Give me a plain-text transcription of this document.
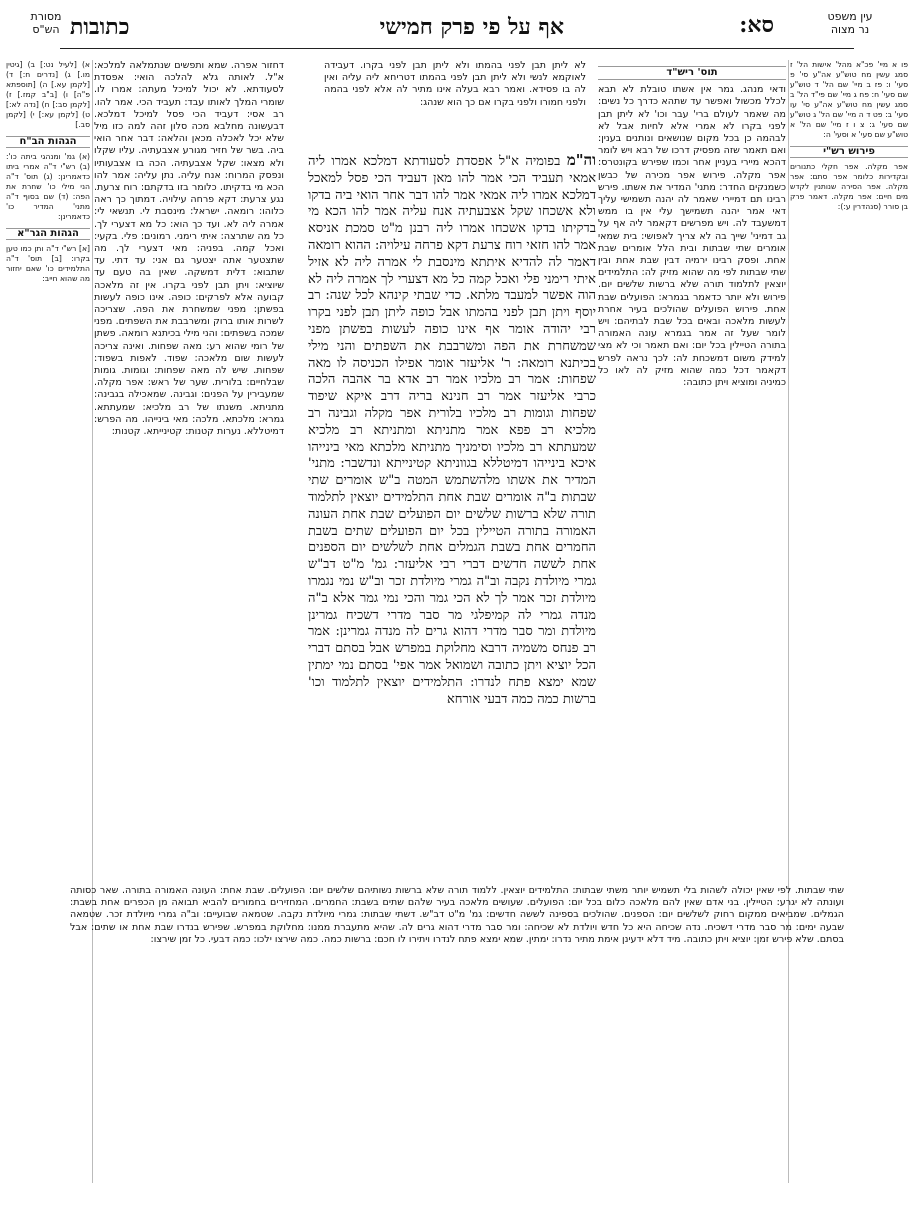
עין משפט
נר מצוה
מסורת
הש"ס	סא:
אף על פי פרק חמישי
כתובות

פו א מיי' פכ"א מהל' אישות הל' ז סמג עשין מח טוש"ע אה"ע סי' פ סעי' ו: פז ב מיי' שם הל' ד טוש"ע שם סעי' ח: פח ג מיי' שם פי"ד הל' ב סמג עשין מח טוש"ע אה"ע סי' עו סעי' ב: פט ד ה מיי' שם הל' ג טוש"ע שם סעי' ג: צ ו ז מיי' שם הל' א טוש"ע שם סעי' א וסעי' ה:

פירוש רש"י

אפר מקלה. אפר חקלי כתנורים ובקדירות כלומר אפר סתם: אפר מקלה. אפר הסירה שנותנין לקדש מים חיים: אפר מקלה. דאמר פרק בן סורר (סנהדרין ע:):

תוס' ריש"ד

ודאי מנהג. גמר אין אשתו טובלת לא תבא לכלל מכשול ואפשר עד שתהא כדרך כל נשים: מה שאמר לעולם ברי' עבר וכו' לא ליתן תבן לפני בקרו לא אמרי אלא לחיות אבל לא לבהמה כן בכל מקום שנושאים ונותנים בענין: ואם תאמר שזה מפסיק דרכו של רבא ויש לומר דהכא מיירי בעניין אחר וכמו שפירש בקונטרס: אפר מקלה. פירוש אפר מכירה של כבשן כשמנקים החדר: מתני' המדיר את אשתו. פירש רבינו תם דמיירי שאמר לה יהנה תשמישי עליך דאי אמר יהנה תשמישך עלי אין בו ממש דמשעבד לה. ויש מפרשים דקאמר ליה אף על גב דמיני' שייך בה לא צריך לאפושי: בית שמאי אומרים שתי שבתות ובית הלל אומרים שבת אחת. ופסק רבינו ירמיה דבין שבת אחת ובין שתי שבתות לפי מה שהוא מזיק לה: התלמידים יוצאין לתלמוד תורה שלא ברשות שלשים יום. פירוש ולא יותר כדאמר בגמרא: הפועלים שבת אחת. פירוש הפועלים שהולכים בעיר אחרת לעשות מלאכה ובאים בכל שבת לבתיהם: ויש לומר שעל זה אמר בגמרא עונה האמורה בתורה הטיילין בכל יום: ואם תאמר וכי לא מצי למידק משום דמשכחת לה: לכך נראה לפרש דקאמר דכל כמה שהוא מזיק לה לאו כל כמיניה ומוציא ויתן כתובה:

לא ליתן תבן לפני בהמתו ולא ליתן תבן לפני בקרו. דעבידה לאוקמא לנשי ולא ליתן תבן לפני בהמתו דטריחא ליה עליה ואין לה בו פסידא. ואמר רבא בעלה אינו מתיר לה אלא לפני בהמה ולפני חמורו ולפני בקרו אם כך הוא שנהג:

וה"מ בפומיה א"ל אפסדת לסעודתא דמלכא אמרו ליה אמאי תעביד הכי אמר להו מאן דעביד הכי פסל למאכל דמלכא אמרו ליה אמאי אמר להו דבר אחר הואי ביה בדקו ולא אשכחו שקל אצבעתיה אנח עליה אמר להו הכא מי בדקיתו בדקו אשכחו אמרו ליה רבנן מ"ט סמכת אניסא אמר להו חזאי רוח צרעת דקא פרחה עילויה: ההוא רומאה דאמר לה להדיא איתתא מינסבת לי אמרה ליה לא אזיל איתי רימני פלי ואכל קמה כל מא דצערי לך אמרה ליה לא הוה אפשר למעבד מלתא. כדי שבתי קינהא לכל שנה: רב יוסף ויתן תבן לפני בהמתו אבל כופה ליתן תבן לפני בקרו רבי יהודה אומר אף אינו כופה לעשות בפשתן מפני שמשחרת את הפה ומשרבבת את השפתים והני מילי בכיתנא רומאה: ר' אליעזר אומר אפילו הכניסה לו מאה שפחות: אמר רב מלכיו אמר רב אדא בר אהבה הלכה כרבי אליעזר אמר רב חנינא בריה דרב איקא שיפוד שפחות וגומות רב מלכיו בלורית אפר מקלה וגבינה רב מלכיא רב פפא אמר מתניתא ומתניתא רב מלכיא שמעתתא רב מלכיו וסימניך מתניתא מלכתא מאי בינייהו איכא בינייהו דמיטללא בגווניתא קטינייתא ונדשבר: מתני' המדיר את אשתו מלהשתמש המטה ב"ש אומרים שתי שבתות ב"ה אומרים שבת אחת התלמידים יוצאין לתלמוד תורה שלא ברשות שלשים יום הפועלים שבת אחת העונה האמורה בתורה הטיילין בכל יום הפועלים שתים בשבת החמרים אחת בשבת הגמלים אחת לשלשים יום הספנים אחת לששה חדשים דברי רבי אליעזר: גמ' מ"ט דב"ש גמרי מיולדת נקבה וב"ה גמרי מיולדת זכר וב"ש נמי נגמרו מיולדת זכר אמר לך לא הכי גמר והכי נמי גמר אלא ב"ה מנדה גמרי לה קמיפלגי מר סבר מדרי דשכיח גמרינן מיולדת ומר סבר מדרי דהוא גרים לה מנדה גמרינן: אמר רב פנחס משמיה דרבא מחלוקת במפרש אבל בסתם דברי הכל יוציא ויתן כתובה ושמואל אמר אפי' בסתם נמי ימתין שמא ימצא פתח לנדרו: התלמידים יוצאין לתלמוד וכו' ברשות כמה כמה דבעי אורחא

דחזור אפרה. שמא ותפשים שנתמלאה למלכא: א"ל. לאותה גלא להלכה הואי: אפסדת לסעודתא. לא יכול למיכל מעתה: אמרו לו. שומרי המלך לאותו עבד: תעביד הכי. אמר להו. רב אסי: דעביד הכי פסל למיכל דמלכא. דבעשונה מחלבא מכה סלון זהה למה כזו מיל שלא יכל לאכלה מכאן והלאה: דבר אחר הואי ביה. בשר של חזיר מגורע אצבעתיה. עליו שקלו ולא מצאו: שקל אצבעתיה. הכה בו אצבעותיו ונפסק המרוח: אנח עליה. נתן עליה: אמר להו הכא מי בדקיתו. כלומר בזו בדקתם: רוח צרעת. נגע צרעת: דקא פרחה עילויה. דמתוך כך ראה כלוהו: רומאה. ישראל: מינסבת לי. תנשאי לי: אמרה ליה לא. ועד כך הוא: כל מא דצערי לך. כל מה שתרצה: איתי רימני. רמונים: פלי. בקעי: ואכל קמה. בפניה: מאי דצערי לך. מה שתצטער אתה יצטער גם אני: עד דתי. עד שתבוא: דלית דמשקה. שאין בה טעם עד שיוציא: ויתן תבן לפני בקרו. אין זה מלאכה קבועה אלא לפרקים: כופה. אינו כופה לעשות בפשתן: מפני שמשחרת את הפה. שצריכה לשרות אותו ברוק ומשרבבת את השפתים. מפני שמכה בשפתים: והני מילי בכיתנא רומאה. פשתן של רומי שהוא רע: מאה שפחות. ואינה צריכה לעשות שום מלאכה: שפוד. לאפות בשפוד: שפחות. שיש לה מאה שפחות: וגומות. גומות שבלחיים: בלורית. שער של ראש: אפר מקלה. שמעבירין על הפנים: וגבינה. שמאכילה בגבינה: מתניתא. משנתו של רב מלכיא: שמעתתא. גמרא: מלכתא. מלכה: מאי בינייהו. מה הפרש: דמיטללא. נערות קטנות: קטינייתא. קטנות:

א) [לעיל נט:] ב) [גיטין מו.] ג) [נדרים ח:] ד) [לקמן עא.] ה) [תוספתא פ"ה] ו) [ב"ב קמז.] ז) [לקמן סב:] ח) [נדה לא:] ט) [לקמן עא:] י) [לקמן סב.]

הגהות הב"ח

(א) גמ' ומנהגי ביתה כו': (ב) רש"י ד"ה אמרי ביתו כדאמרינן: (ג) תוס' ד"ה הני מילי כו' שחרת את הפה: (ד) שם בסוף ד"ה מתני' המדיר כו' כדאמרינן:

הגהות הגר"א

[א] רש"י ד"ה ותן כמו טען בקרו: [ב] תוס' ד"ה התלמידים כו' שאם יחזור מה שהוא חייב:

שתי שבתות. לפי שאין יכולה לשהות בלי תשמיש יותר משתי שבתות: התלמידים יוצאין. ללמוד תורה שלא ברשות נשותיהם שלשים יום: הפועלים. שבת אחת: העונה האמורה בתורה. שאר כסותה ועונתה לא יגרע: הטיילין. בני אדם שאין להם מלאכה כלום בכל יום: הפועלים. שעושים מלאכה בעיר שלהם שתים בשבת: החמרים. המחזירים בחמורים להביא תבואה מן הכפרים אחת בשבת: הגמלים. שמביאים ממקום רחוק לשלשים יום: הספנים. שהולכים בספינה לששה חדשים: גמ' מ"ט דב"ש. דשתי שבתות: גמרי מיולדת נקבה. שטמאה שבועיים: וב"ה גמרי מיולדת זכר. שטמאה שבעה ימים: מר סבר מדרי דשכיח. נדה שכיחה היא כל חדש ויולדת לא שכיחה: ומר סבר מדרי דהוא גרים לה. שהיא מתעברת ממנו: מחלוקת במפרש. שפירש בנדרו שבת אחת או שתים: אבל בסתם. שלא פירש זמן: יוציא ויתן כתובה. מיד דלא ידעינן אימת מתיר נדרו: ימתין. שמא ימצא פתח לנדרו ויתירו לו חכם: ברשות כמה. כמה שירצו ילכו: כמה דבעי. כל זמן שירצו:
